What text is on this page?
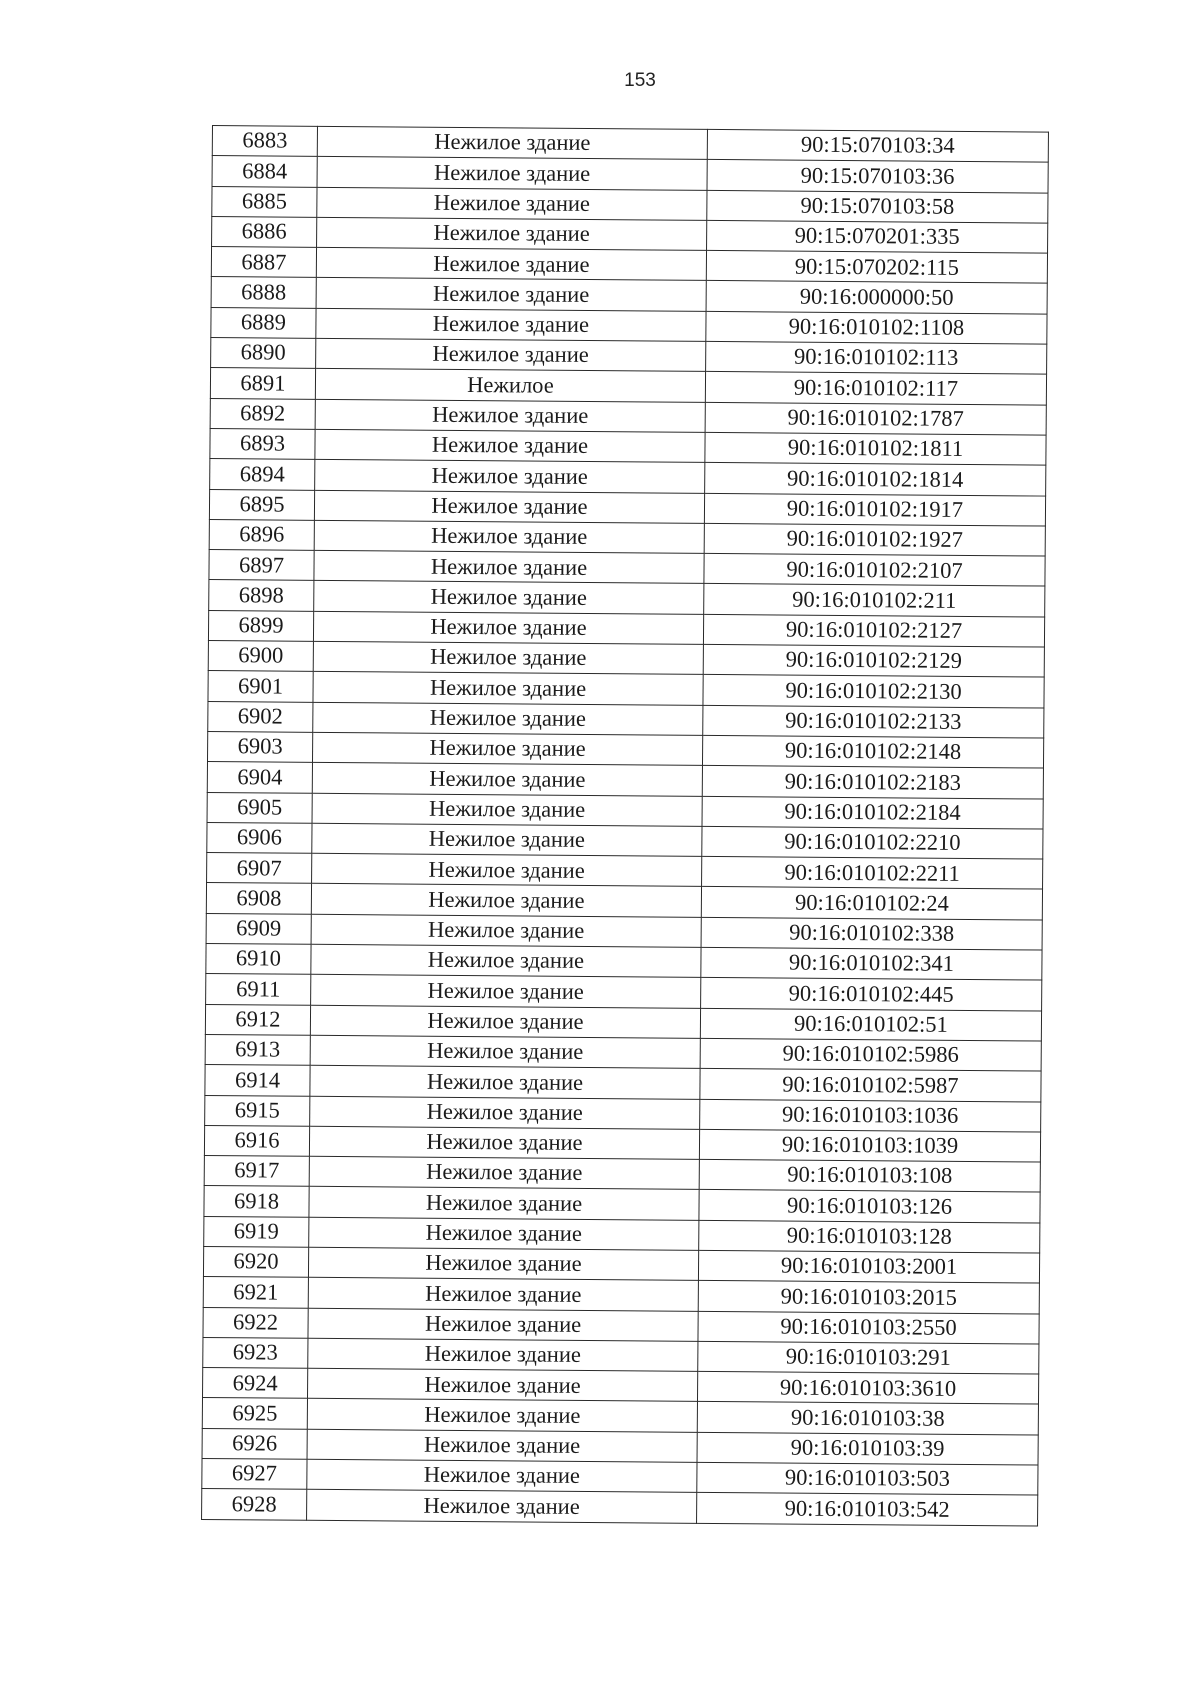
153
6883	Нежилое здание	90:15:070103:34
6884	Нежилое здание	90:15:070103:36
6885	Нежилое здание	90:15:070103:58
6886	Нежилое здание	90:15:070201:335
6887	Нежилое здание	90:15:070202:115
6888	Нежилое здание	90:16:000000:50
6889	Нежилое здание	90:16:010102:1108
6890	Нежилое здание	90:16:010102:113
6891	Нежилое	90:16:010102:117
6892	Нежилое здание	90:16:010102:1787
6893	Нежилое здание	90:16:010102:1811
6894	Нежилое здание	90:16:010102:1814
6895	Нежилое здание	90:16:010102:1917
6896	Нежилое здание	90:16:010102:1927
6897	Нежилое здание	90:16:010102:2107
6898	Нежилое здание	90:16:010102:211
6899	Нежилое здание	90:16:010102:2127
6900	Нежилое здание	90:16:010102:2129
6901	Нежилое здание	90:16:010102:2130
6902	Нежилое здание	90:16:010102:2133
6903	Нежилое здание	90:16:010102:2148
6904	Нежилое здание	90:16:010102:2183
6905	Нежилое здание	90:16:010102:2184
6906	Нежилое здание	90:16:010102:2210
6907	Нежилое здание	90:16:010102:2211
6908	Нежилое здание	90:16:010102:24
6909	Нежилое здание	90:16:010102:338
6910	Нежилое здание	90:16:010102:341
6911	Нежилое здание	90:16:010102:445
6912	Нежилое здание	90:16:010102:51
6913	Нежилое здание	90:16:010102:5986
6914	Нежилое здание	90:16:010102:5987
6915	Нежилое здание	90:16:010103:1036
6916	Нежилое здание	90:16:010103:1039
6917	Нежилое здание	90:16:010103:108
6918	Нежилое здание	90:16:010103:126
6919	Нежилое здание	90:16:010103:128
6920	Нежилое здание	90:16:010103:2001
6921	Нежилое здание	90:16:010103:2015
6922	Нежилое здание	90:16:010103:2550
6923	Нежилое здание	90:16:010103:291
6924	Нежилое здание	90:16:010103:3610
6925	Нежилое здание	90:16:010103:38
6926	Нежилое здание	90:16:010103:39
6927	Нежилое здание	90:16:010103:503
6928	Нежилое здание	90:16:010103:542
